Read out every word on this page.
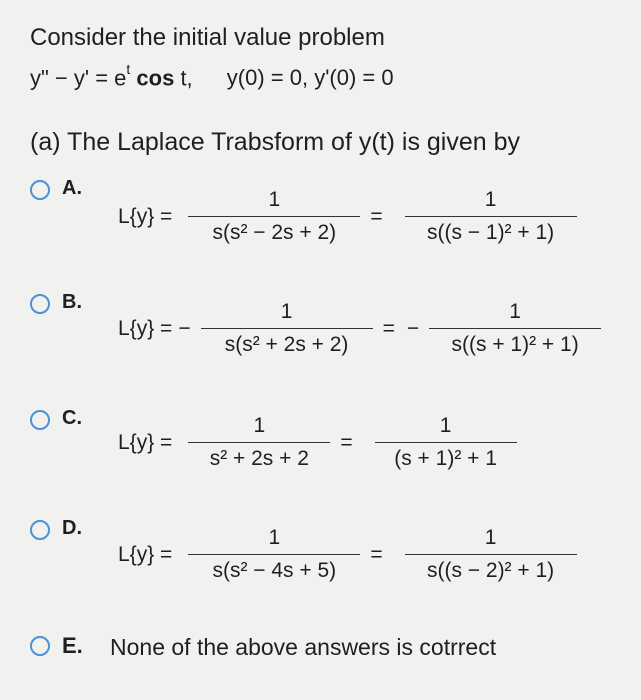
Consider the initial value problem
y" − $y' = e^t$ cos t, y(0) = 0, y'(0) = 0
(a) The Laplace Trabsform of y(t) is given by
A.
$L\{y\} = \frac{1}{\text{s(s² − 2s + 2)}} = \frac{1}{\text{s((s − 1)² + 1)}}$
B.
L{y} = − $\frac{1}{\text{s(s² + 2s + 2)}}$ = − $\frac{1}{\text{s((s + 1)² + 1)}}$
C.
$L\{y\} = \frac{1}{\text{s² + 2s + 2}} = \frac{1}{\text{(s + 1)² + 1}}$
D.
$L\{y\} = \frac{1}{\text{s(s² − 4s + 5)}} = \frac{1}{\text{s((s − 2)² + 1)}}$
E. None of the above answers is cotrrect
